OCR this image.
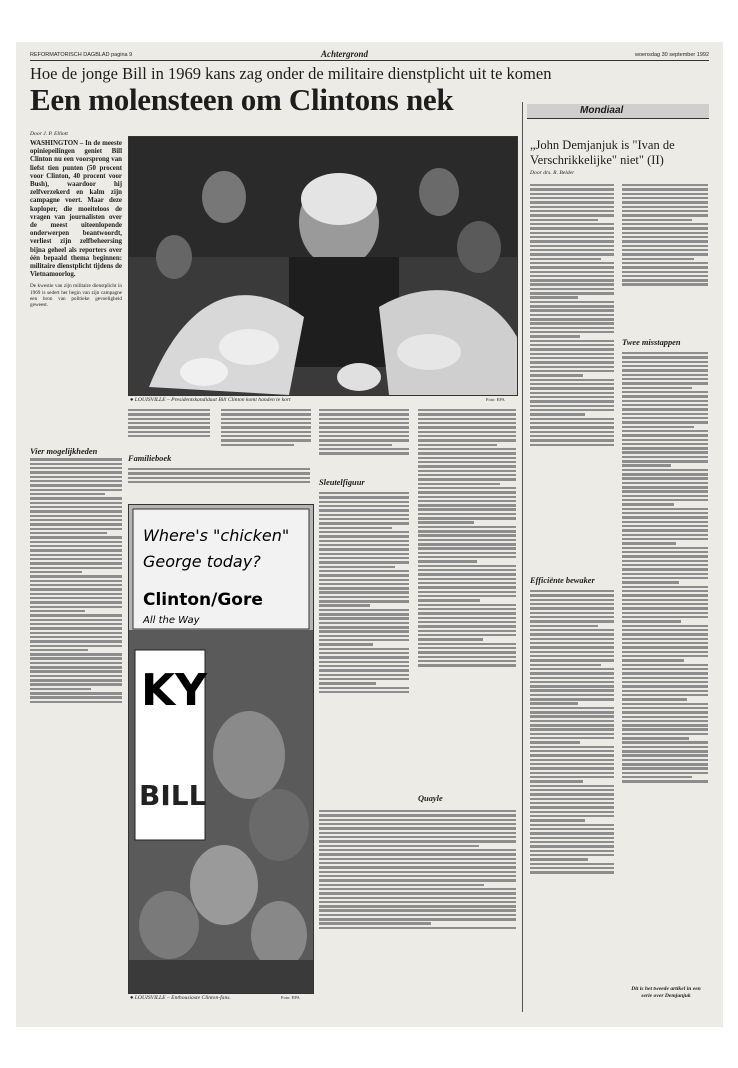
REFORMATORISCH DAGBLAD pagina 9	Achtergrond	woensdag 30 september 1992
Hoe de jonge Bill in 1969 kans zag onder de militaire dienstplicht uit te komen
Een molensteen om Clintons nek
Door J. P. Elliott
WASHINGTON – In de meeste opiniepeilingen geniet Bill Clinton nu een voorsprong van liefst tien punten (50 procent voor Clinton, 40 procent voor Bush), waardoor hij zelfverzekerd en kalm zijn campagne voert. Maar deze koploper, die moeiteloos de vragen van journalisten over de meest uiteenlopende onderwerpen beantwoordt, verliest zijn zelfbeheersing bijna geheel als reporters over één bepaald thema beginnen: militaire dienstplicht tijdens de Vietnamoorlog.
De kwestie van zijn militaire dienstplicht in 1969 is sedert het begin van zijn campagne een bron van politieke gevoeligheid geweest.
Vier mogelijkheden
● LOUISVILLE – Presidentskandidaat Bill Clinton komt handen te kort	Foto: EPA
Familieboek
Sleutelfiguur
Where's "chicken"
George today?
Clinton/Gore
All the Way
KY
BILL
● LOUISVILLE – Enthousiaste Clinton-fans.	Foto: EPA
Quayle
Mondiaal
„John Demjanjuk is "Ivan de Verschrikkelijke" niet" (II)
Door drs. R. Belder
Efficiënte bewaker
Twee misstappen
Dit is het tweede artikel in een serie over Demjanjuk
